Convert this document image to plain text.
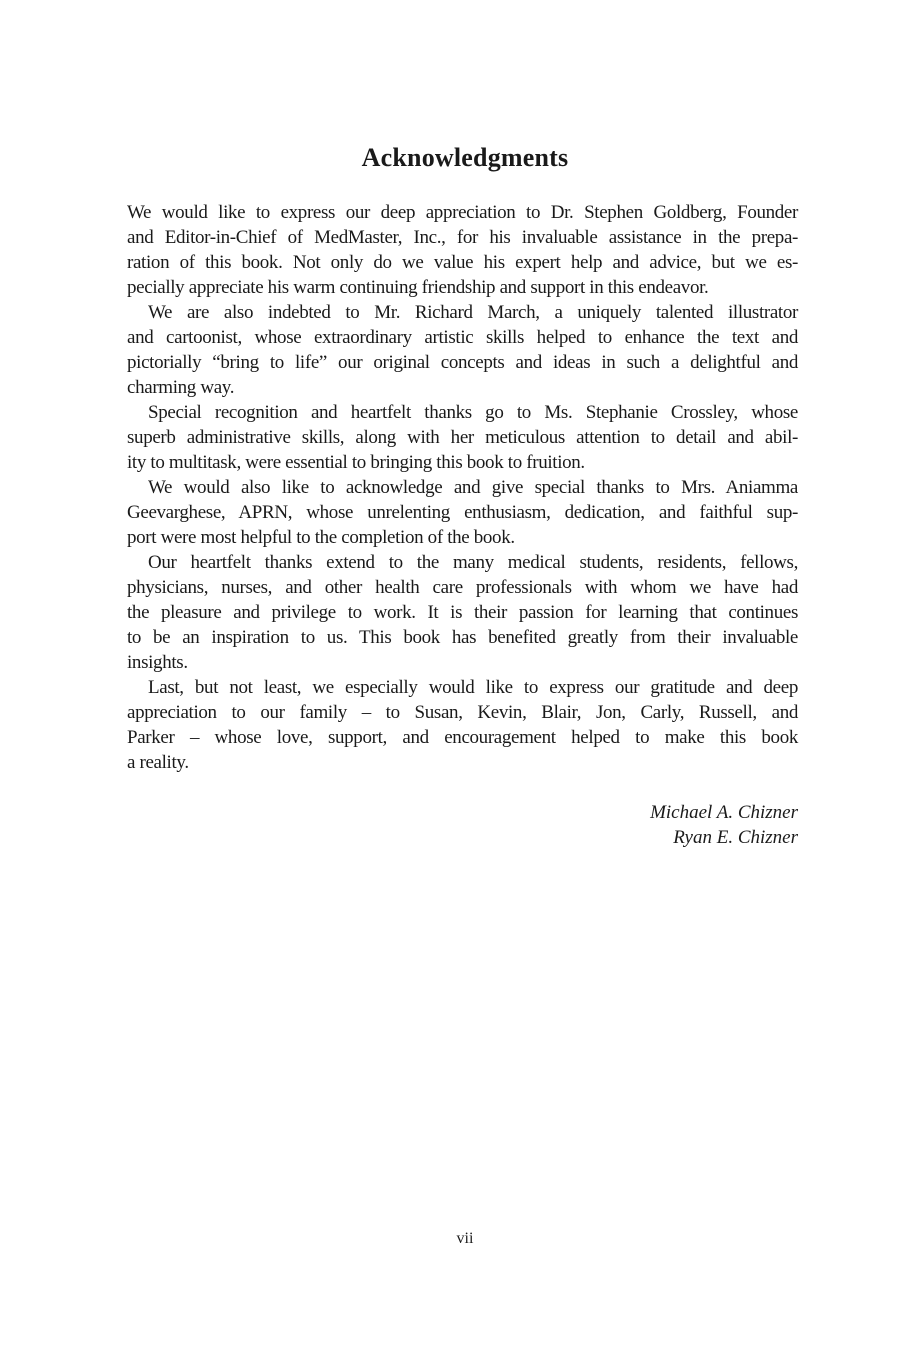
Acknowledgments
We would like to express our deep appreciation to Dr. Stephen Goldberg, Founder
and Editor-in-Chief of MedMaster, Inc., for his invaluable assistance in the prepa-
ration of this book. Not only do we value his expert help and advice, but we es-
pecially appreciate his warm continuing friendship and support in this endeavor.
We are also indebted to Mr. Richard March, a uniquely talented illustrator
and cartoonist, whose extraordinary artistic skills helped to enhance the text and
pictorially “bring to life” our original concepts and ideas in such a delightful and
charming way.
Special recognition and heartfelt thanks go to Ms. Stephanie Crossley, whose
superb administrative skills, along with her meticulous attention to detail and abil-
ity to multitask, were essential to bringing this book to fruition.
We would also like to acknowledge and give special thanks to Mrs. Aniamma
Geevarghese, APRN, whose unrelenting enthusiasm, dedication, and faithful sup-
port were most helpful to the completion of the book.
Our heartfelt thanks extend to the many medical students, residents, fellows,
physicians, nurses, and other health care professionals with whom we have had
the pleasure and privilege to work. It is their passion for learning that continues
to be an inspiration to us. This book has benefited greatly from their invaluable
insights.
Last, but not least, we especially would like to express our gratitude and deep
appreciation to our family – to Susan, Kevin, Blair, Jon, Carly, Russell, and
Parker – whose love, support, and encouragement helped to make this book
a reality.
Michael A. Chizner
Ryan E. Chizner
vii
